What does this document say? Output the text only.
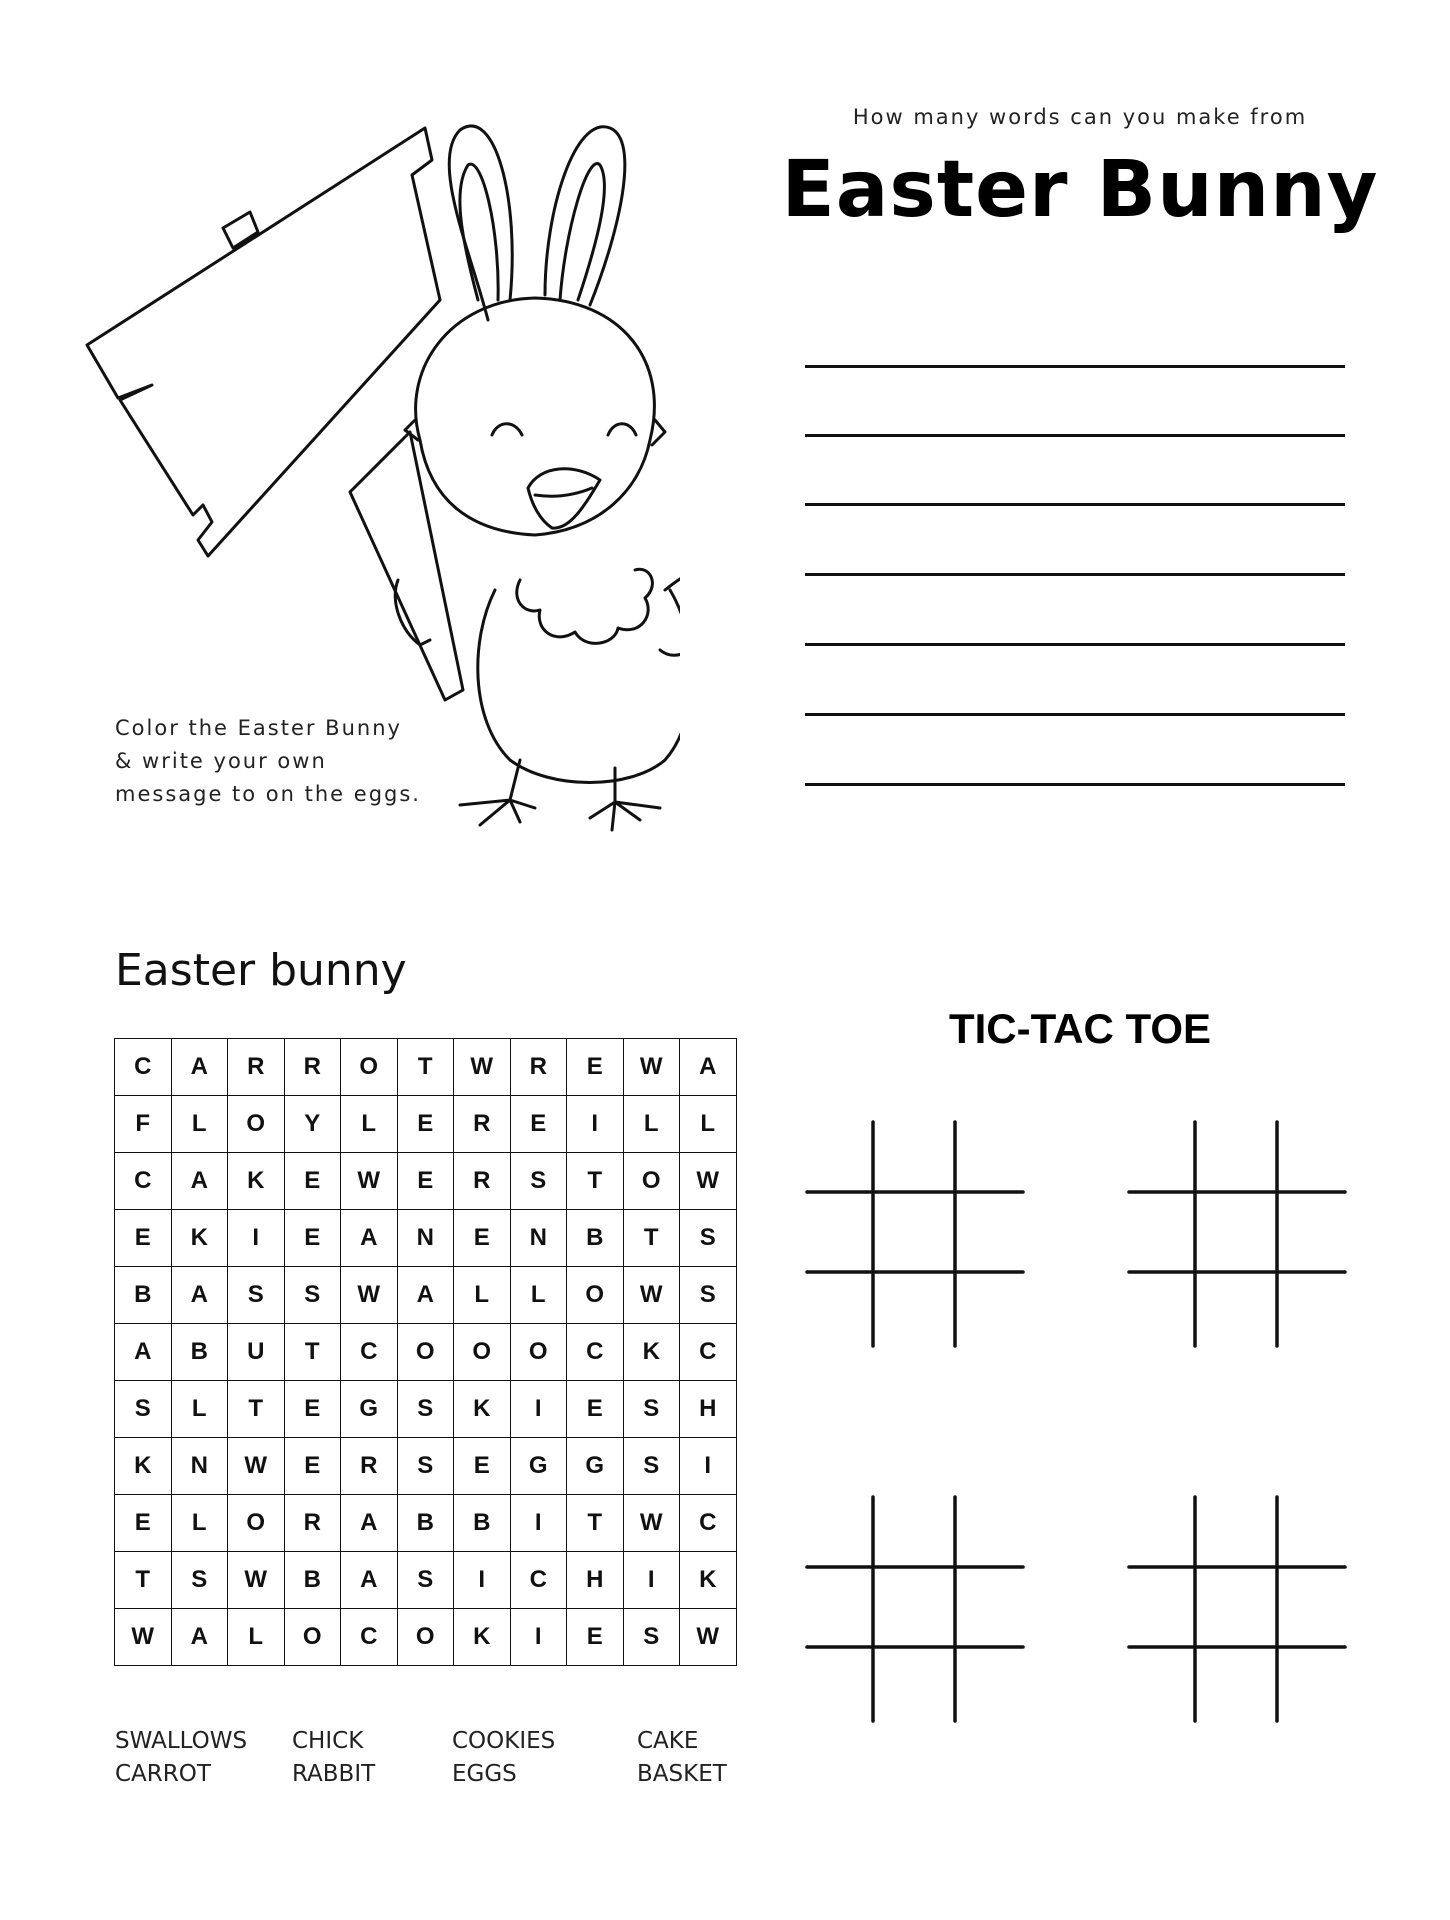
How many words can you make from
Easter Bunny
Color the Easter Bunny
& write your own
message to on the eggs.
Easter bunny
C	A	R	R	O	T	W	R	E	W	A
F	L	O	Y	L	E	R	E	I	L	L
C	A	K	E	W	E	R	S	T	O	W
E	K	I	E	A	N	E	N	B	T	S
B	A	S	S	W	A	L	L	O	W	S
A	B	U	T	C	O	O	O	C	K	C
S	L	T	E	G	S	K	I	E	S	H
K	N	W	E	R	S	E	G	G	S	I
E	L	O	R	A	B	B	I	T	W	C
T	S	W	B	A	S	I	C	H	I	K
W	A	L	O	C	O	K	I	E	S	W
SWALLOWS
CARROT
CHICK
RABBIT
COOKIES
EGGS
CAKE
BASKET
TIC-TAC TOE
